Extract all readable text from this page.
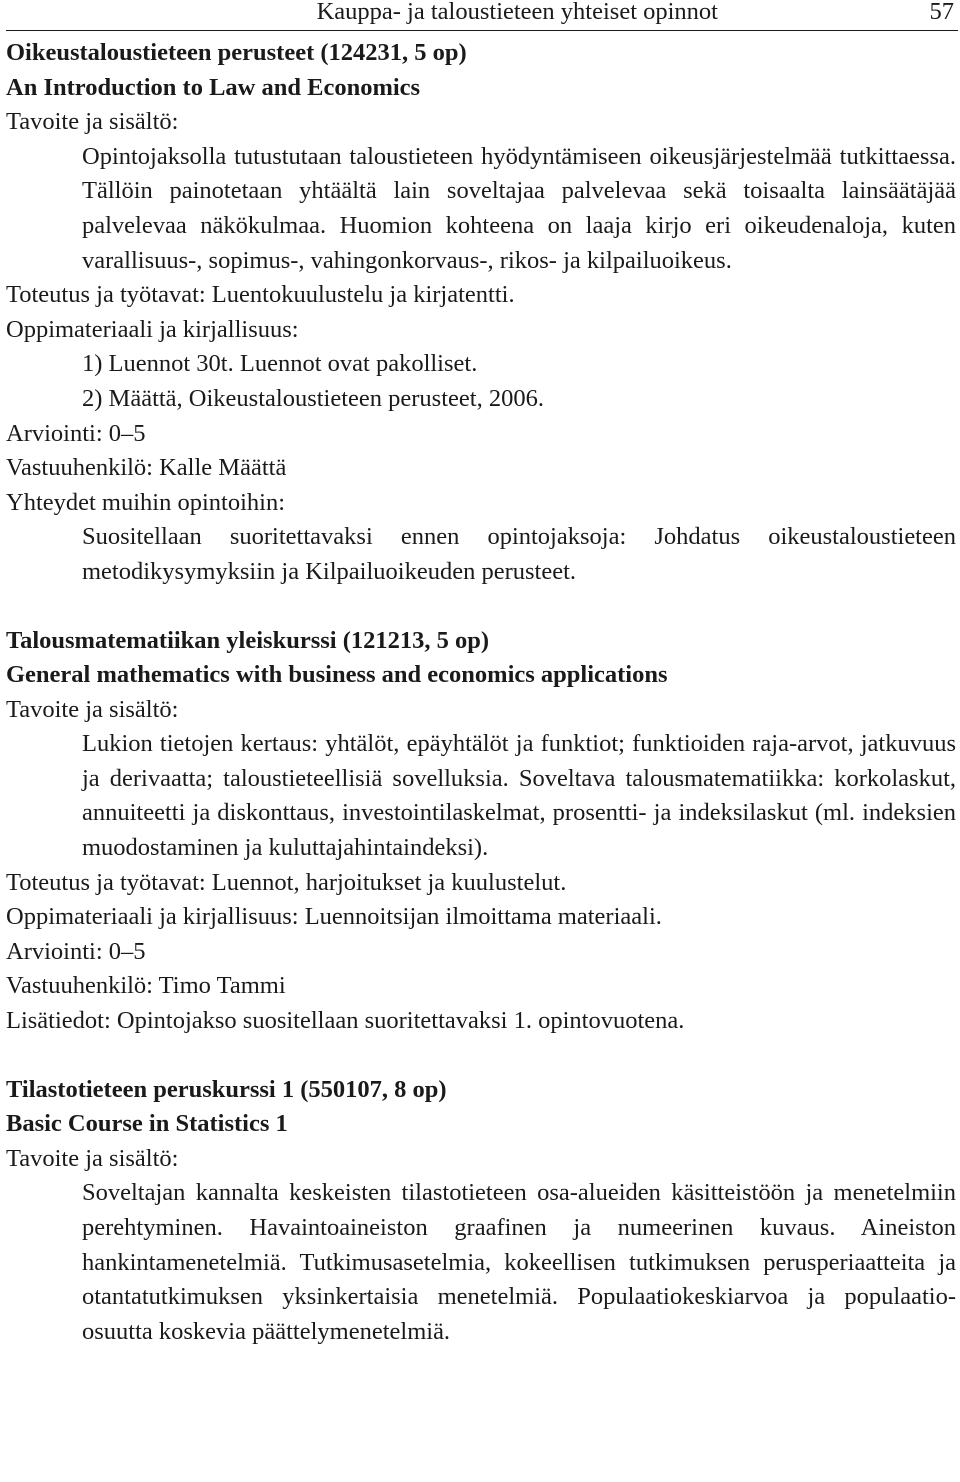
Kauppa- ja taloustieteen yhteiset opinnot	57
Oikeustaloustieteen perusteet (124231, 5 op)
An Introduction to Law and Economics
Tavoite ja sisältö:
Opintojaksolla tutustutaan taloustieteen hyödyntämiseen oikeusjärjestelmää tutkittaessa. Tällöin painotetaan yhtäältä lain soveltajaa palvelevaa sekä toisaalta lainsäätäjää palvelevaa näkökulmaa. Huomion kohteena on laaja kirjo eri oikeudenaloja, kuten varallisuus-, sopimus-, vahingonkorvaus-, rikos- ja kilpailuoikeus.
Toteutus ja työtavat: Luentokuulustelu ja kirjatentti.
Oppimateriaali ja kirjallisuus:
1) Luennot 30t. Luennot ovat pakolliset.
2) Määttä, Oikeustaloustieteen perusteet, 2006.
Arviointi: 0–5
Vastuuhenkilö: Kalle Määttä
Yhteydet muihin opintoihin:
Suositellaan suoritettavaksi ennen opintojaksoja: Johdatus oikeustaloustieteen metodikysymyksiin ja Kilpailuoikeuden perusteet.
Talousmatematiikan yleiskurssi (121213, 5 op)
General mathematics with business and economics applications
Tavoite ja sisältö:
Lukion tietojen kertaus: yhtälöt, epäyhtälöt ja funktiot; funktioiden raja-arvot, jatkuvuus ja derivaatta; taloustieteellisiä sovelluksia. Soveltava talousmatematiikka: korkolaskut, annuiteetti ja diskonttaus, investointilaskelmat, prosentti- ja indeksilaskut (ml. indeksien muodostaminen ja kuluttajahintaindeksi).
Toteutus ja työtavat: Luennot, harjoitukset ja kuulustelut.
Oppimateriaali ja kirjallisuus: Luennoitsijan ilmoittama materiaali.
Arviointi: 0–5
Vastuuhenkilö: Timo Tammi
Lisätiedot: Opintojakso suositellaan suoritettavaksi 1. opintovuotena.
Tilastotieteen peruskurssi 1 (550107, 8 op)
Basic Course in Statistics 1
Tavoite ja sisältö:
Soveltajan kannalta keskeisten tilastotieteen osa-alueiden käsitteistöön ja menetelmiin perehtyminen. Havaintoaineiston graafinen ja numeerinen kuvaus. Aineiston hankintamenetelmiä. Tutkimusasetelmia, kokeellisen tutkimuksen perusperiaatteita ja otantatutkimuksen yksinkertaisia menetelmiä. Populaatiokeskiarvoa ja populaatio-osuutta koskevia päättelymenetelmiä.
